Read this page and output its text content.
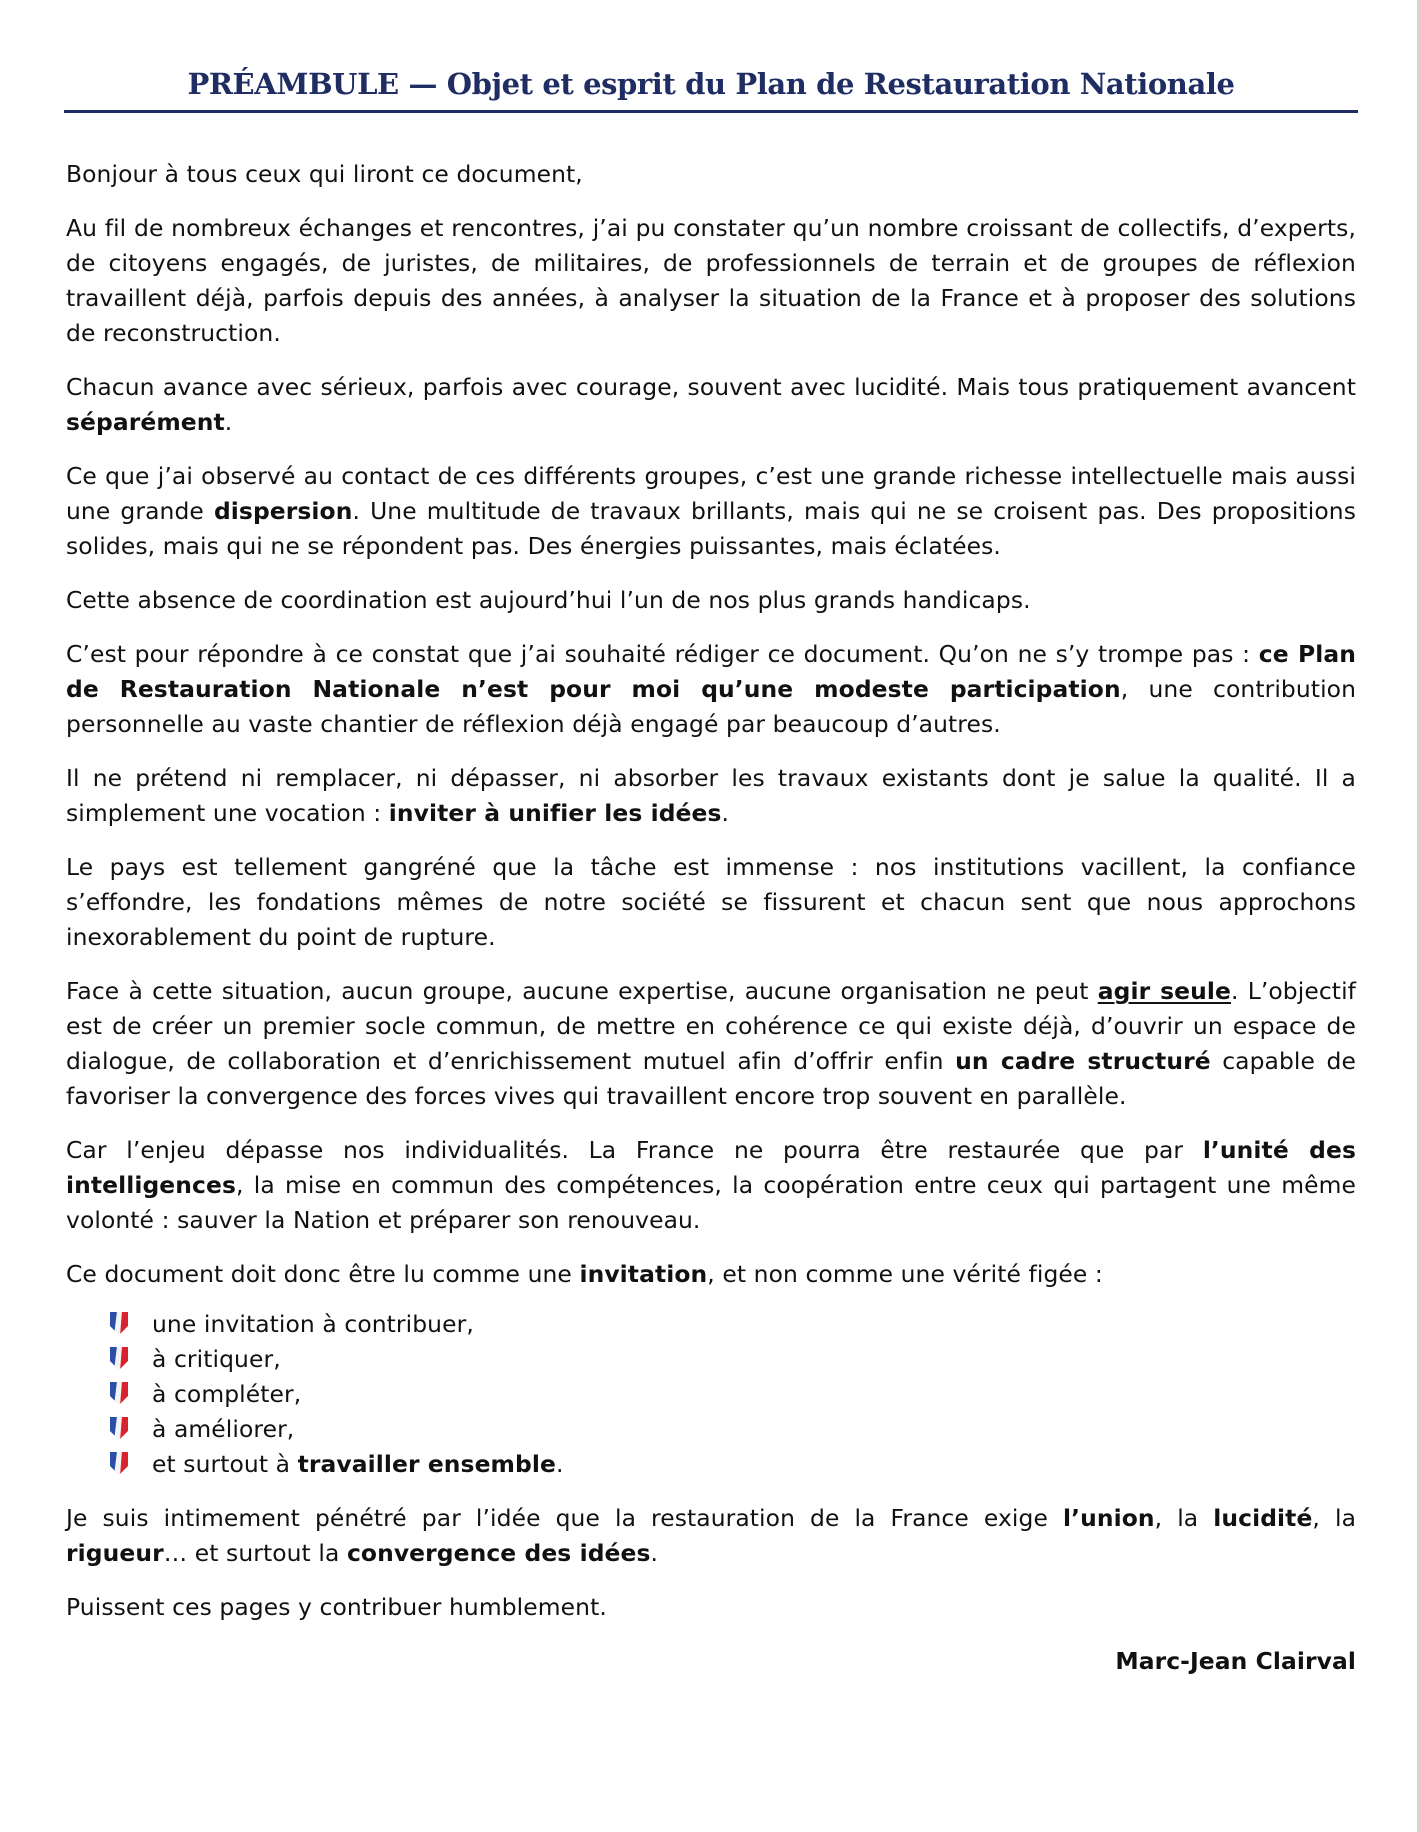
PRÉAMBULE — Objet et esprit du Plan de Restauration Nationale

Bonjour à tous ceux qui liront ce document,

Au fil de nombreux échanges et rencontres, j’ai pu constater qu’un nombre croissant de collectifs, d’experts, de citoyens engagés, de juristes, de militaires, de professionnels de terrain et de groupes de réflexion travaillent déjà, parfois depuis des années, à analyser la situation de la France et à proposer des solutions de reconstruction.

Chacun avance avec sérieux, parfois avec courage, souvent avec lucidité. Mais tous pratiquement avancent séparément.

Ce que j’ai observé au contact de ces différents groupes, c’est une grande richesse intellectuelle mais aussi une grande dispersion. Une multitude de travaux brillants, mais qui ne se croisent pas. Des propositions solides, mais qui ne se répondent pas. Des énergies puissantes, mais éclatées.

Cette absence de coordination est aujourd’hui l’un de nos plus grands handicaps.

C’est pour répondre à ce constat que j’ai souhaité rédiger ce document. Qu’on ne s’y trompe pas : ce Plan de Restauration Nationale n’est pour moi qu’une modeste participation, une contribution personnelle au vaste chantier de réflexion déjà engagé par beaucoup d’autres.

Il ne prétend ni remplacer, ni dépasser, ni absorber les travaux existants dont je salue la qualité. Il a simplement une vocation : inviter à unifier les idées.

Le pays est tellement gangréné que la tâche est immense : nos institutions vacillent, la confiance s’effondre, les fondations mêmes de notre société se fissurent et chacun sent que nous approchons inexorablement du point de rupture.

Face à cette situation, aucun groupe, aucune expertise, aucune organisation ne peut agir seule. L’objectif est de créer un premier socle commun, de mettre en cohérence ce qui existe déjà, d’ouvrir un espace de dialogue, de collaboration et d’enrichissement mutuel afin d’offrir enfin un cadre structuré capable de favoriser la convergence des forces vives qui travaillent encore trop souvent en parallèle.

Car l’enjeu dépasse nos individualités. La France ne pourra être restaurée que par l’unité des intelligences, la mise en commun des compétences, la coopération entre ceux qui partagent une même volonté : sauver la Nation et préparer son renouveau.

Ce document doit donc être lu comme une invitation, et non comme une vérité figée :

une invitation à contribuer,
à critiquer,
à compléter,
à améliorer,
et surtout à travailler ensemble.

Je suis intimement pénétré par l’idée que la restauration de la France exige l’union, la lucidité, la rigueur… et surtout la convergence des idées.

Puissent ces pages y contribuer humblement.

Marc-Jean Clairval
